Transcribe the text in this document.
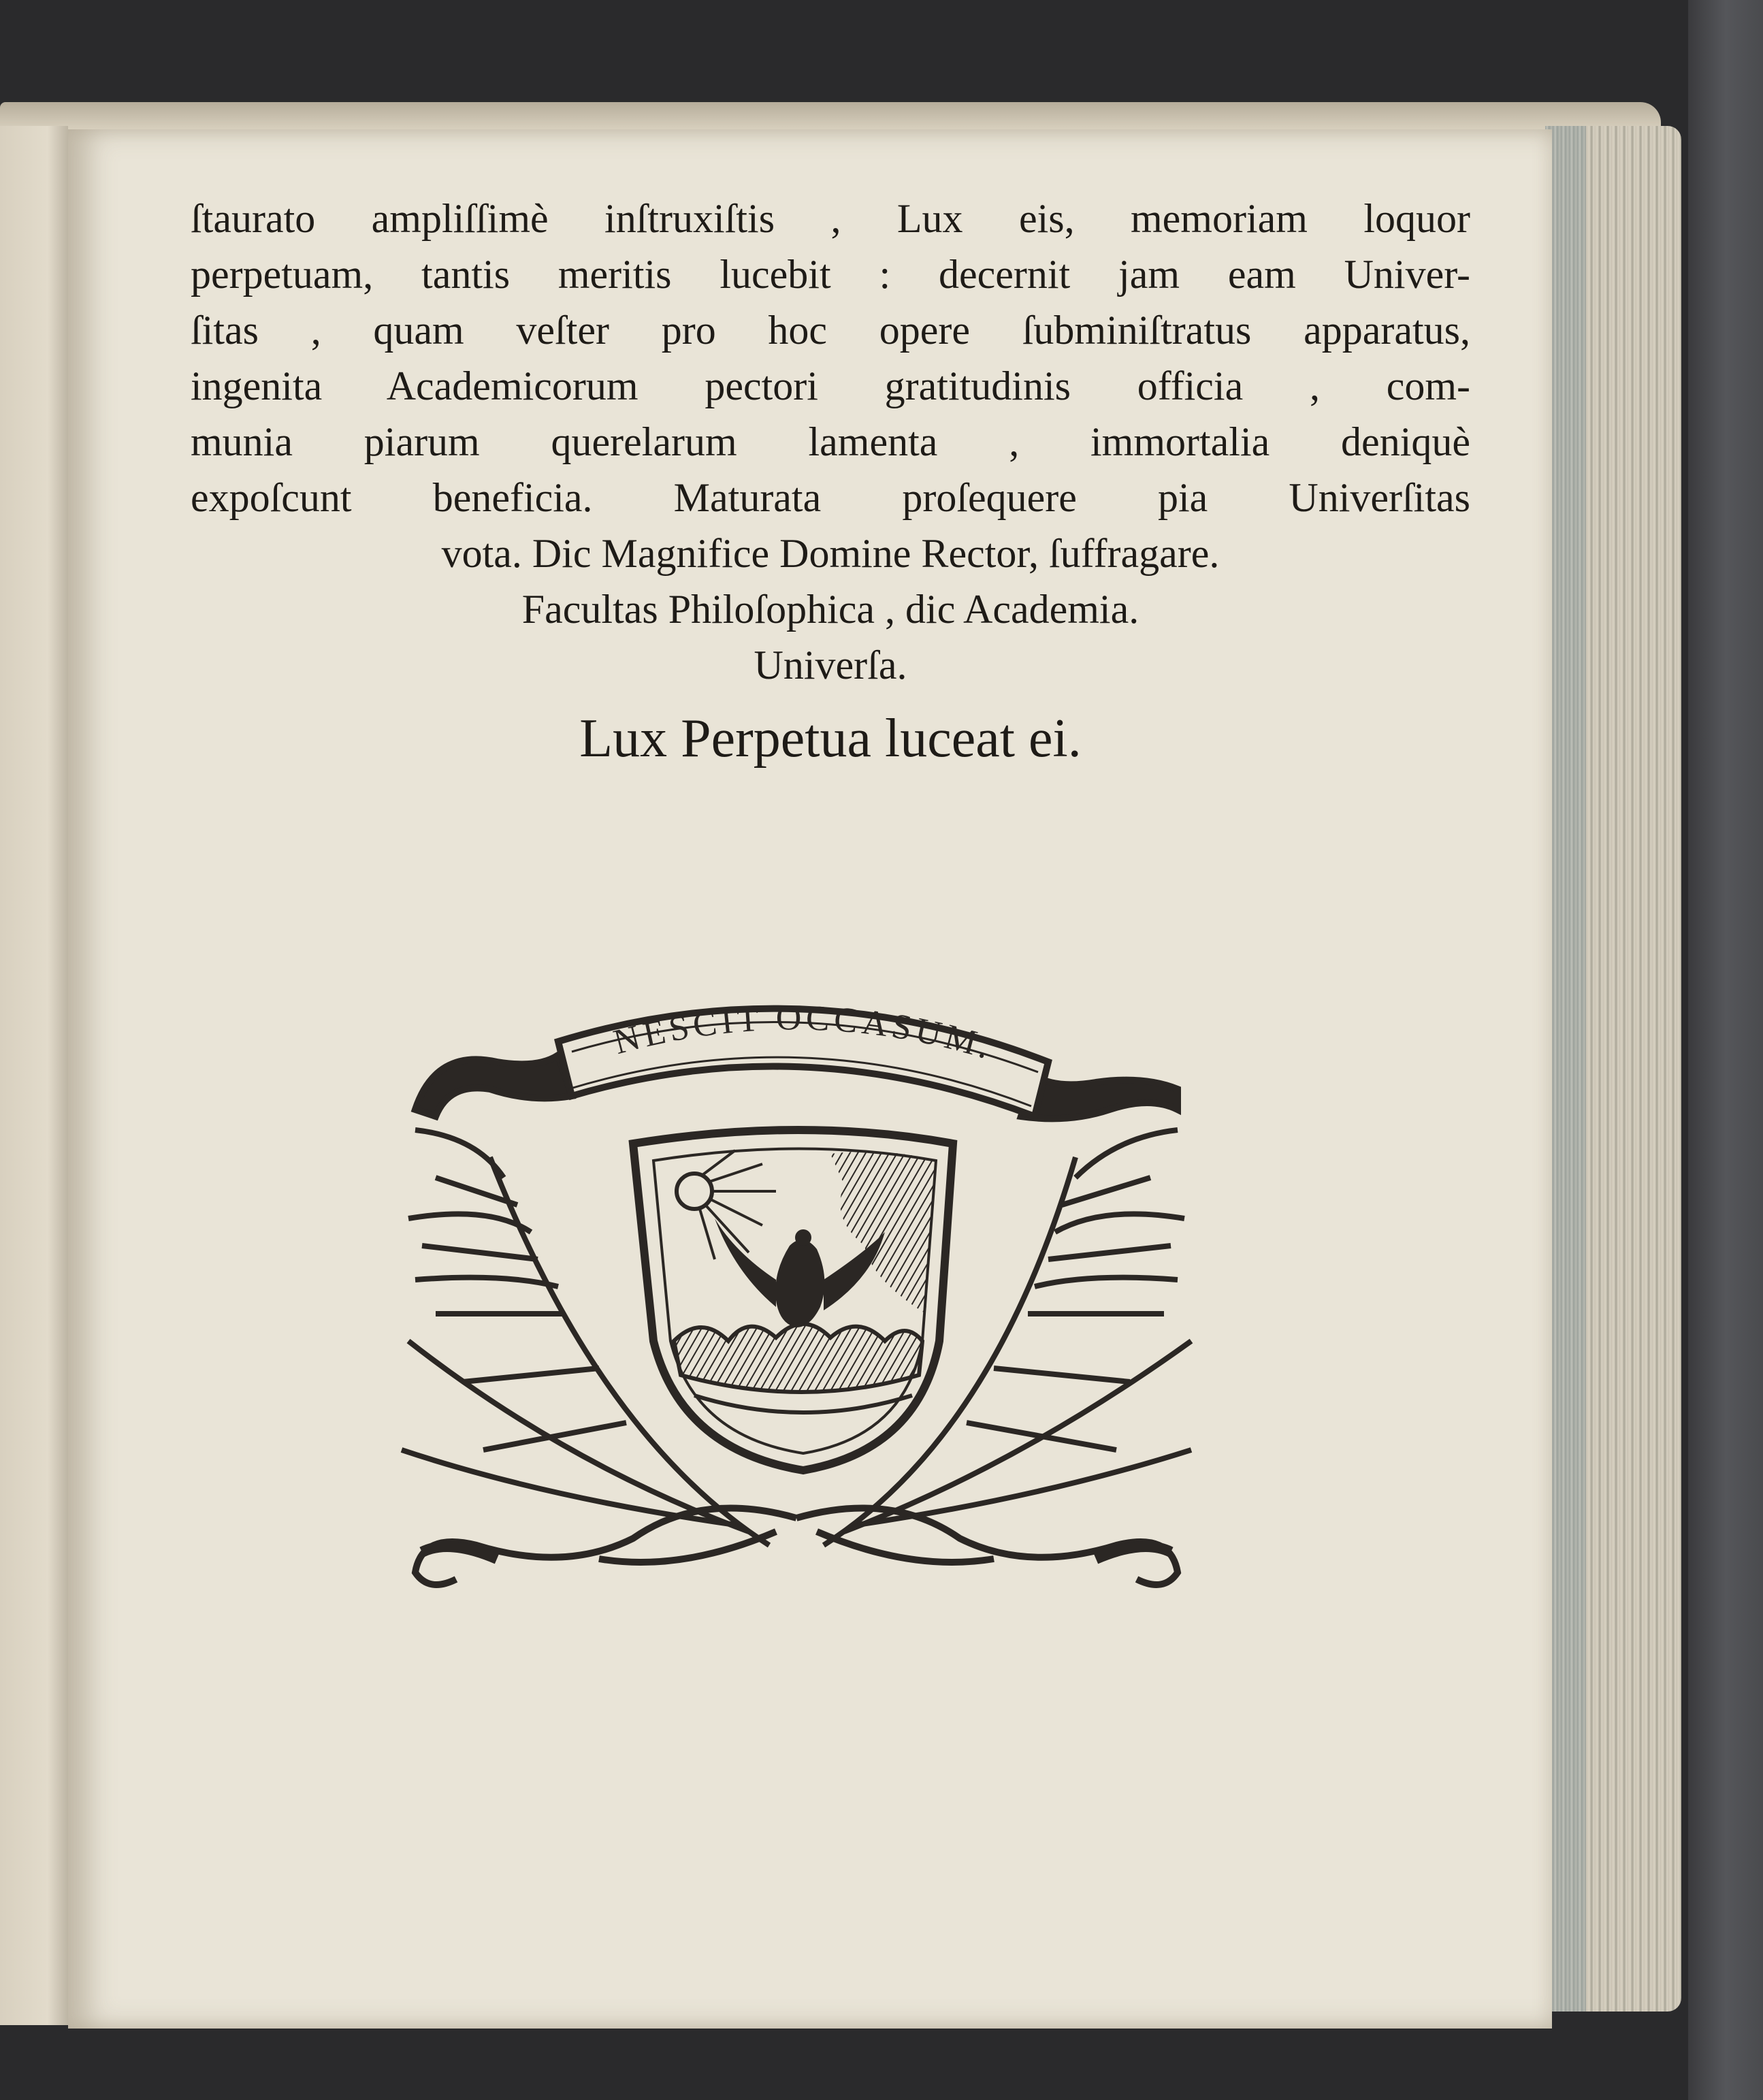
ſtaurato ampliſſimè inſtruxiſtis , Lux eis, memoriam loquor
perpetuam, tantis meritis lucebit : decernit jam eam Univer-
ſitas , quam veſter pro hoc opere ſubminiſtratus apparatus,
ingenita Academicorum pectori gratitudinis officia , com-
munia piarum querelarum lamenta , immortalia deniquè
expoſcunt beneficia. Maturata proſequere pia Univerſitas
vota. Dic Magnifice Domine Rector, ſuffragare.
Facultas Philoſophica , dic Academia.
Univerſa.
Lux Perpetua luceat ei.
NESCIT OCCASUM.
